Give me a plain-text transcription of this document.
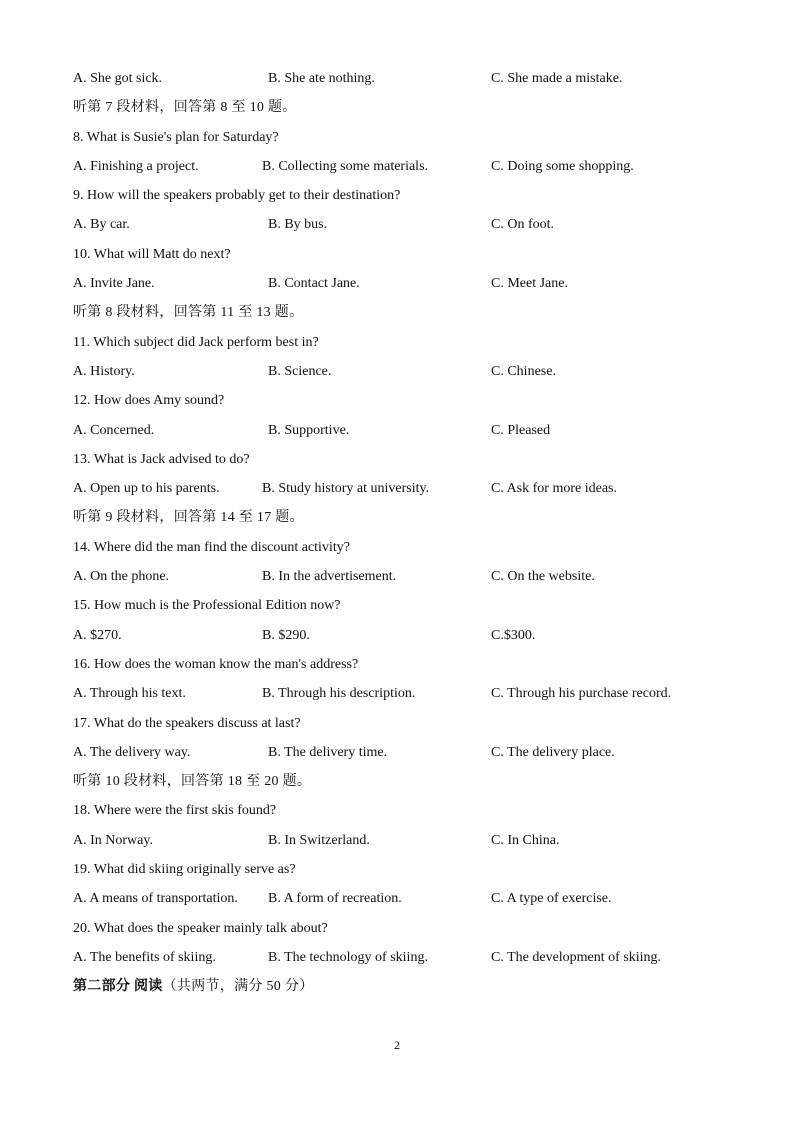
A. She got sick.	B. She ate nothing.	C. She made a mistake.
听第 7 段材料，回答第 8 至 10 题。
8. What is Susie's plan for Saturday?
A. Finishing a project.	B. Collecting some materials.	C. Doing some shopping.
9. How will the speakers probably get to their destination?
A. By car.	B. By bus.	C. On foot.
10. What will Matt do next?
A. Invite Jane.	B. Contact Jane.	C. Meet Jane.
听第 8 段材料，回答第 11 至 13 题。
11. Which subject did Jack perform best in?
A. History.	B. Science.	C. Chinese.
12. How does Amy sound?
A. Concerned.	B. Supportive.	C. Pleased
13. What is Jack advised to do?
A. Open up to his parents.	B. Study history at university.	C. Ask for more ideas.
听第 9 段材料，回答第 14 至 17 题。
14. Where did the man find the discount activity?
A. On the phone.	B. In the advertisement.	C. On the website.
15. How much is the Professional Edition now?
A. $270.	B. $290.	C.$300.
16. How does the woman know the man's address?
A. Through his text.	B. Through his description.	C. Through his purchase record.
17. What do the speakers discuss at last?
A. The delivery way.	B. The delivery time.	C. The delivery place.
听第 10 段材料，回答第 18 至 20 题。
18. Where were the first skis found?
A. In Norway.	B. In Switzerland.	C. In China.
19. What did skiing originally serve as?
A. A means of transportation. B. A form of recreation.	C. A type of exercise.
20. What does the speaker mainly talk about?
A. The benefits of skiing.	B. The technology of skiing.	C. The development of skiing.
第二部分 阅读（共两节，满分 50 分）
2
